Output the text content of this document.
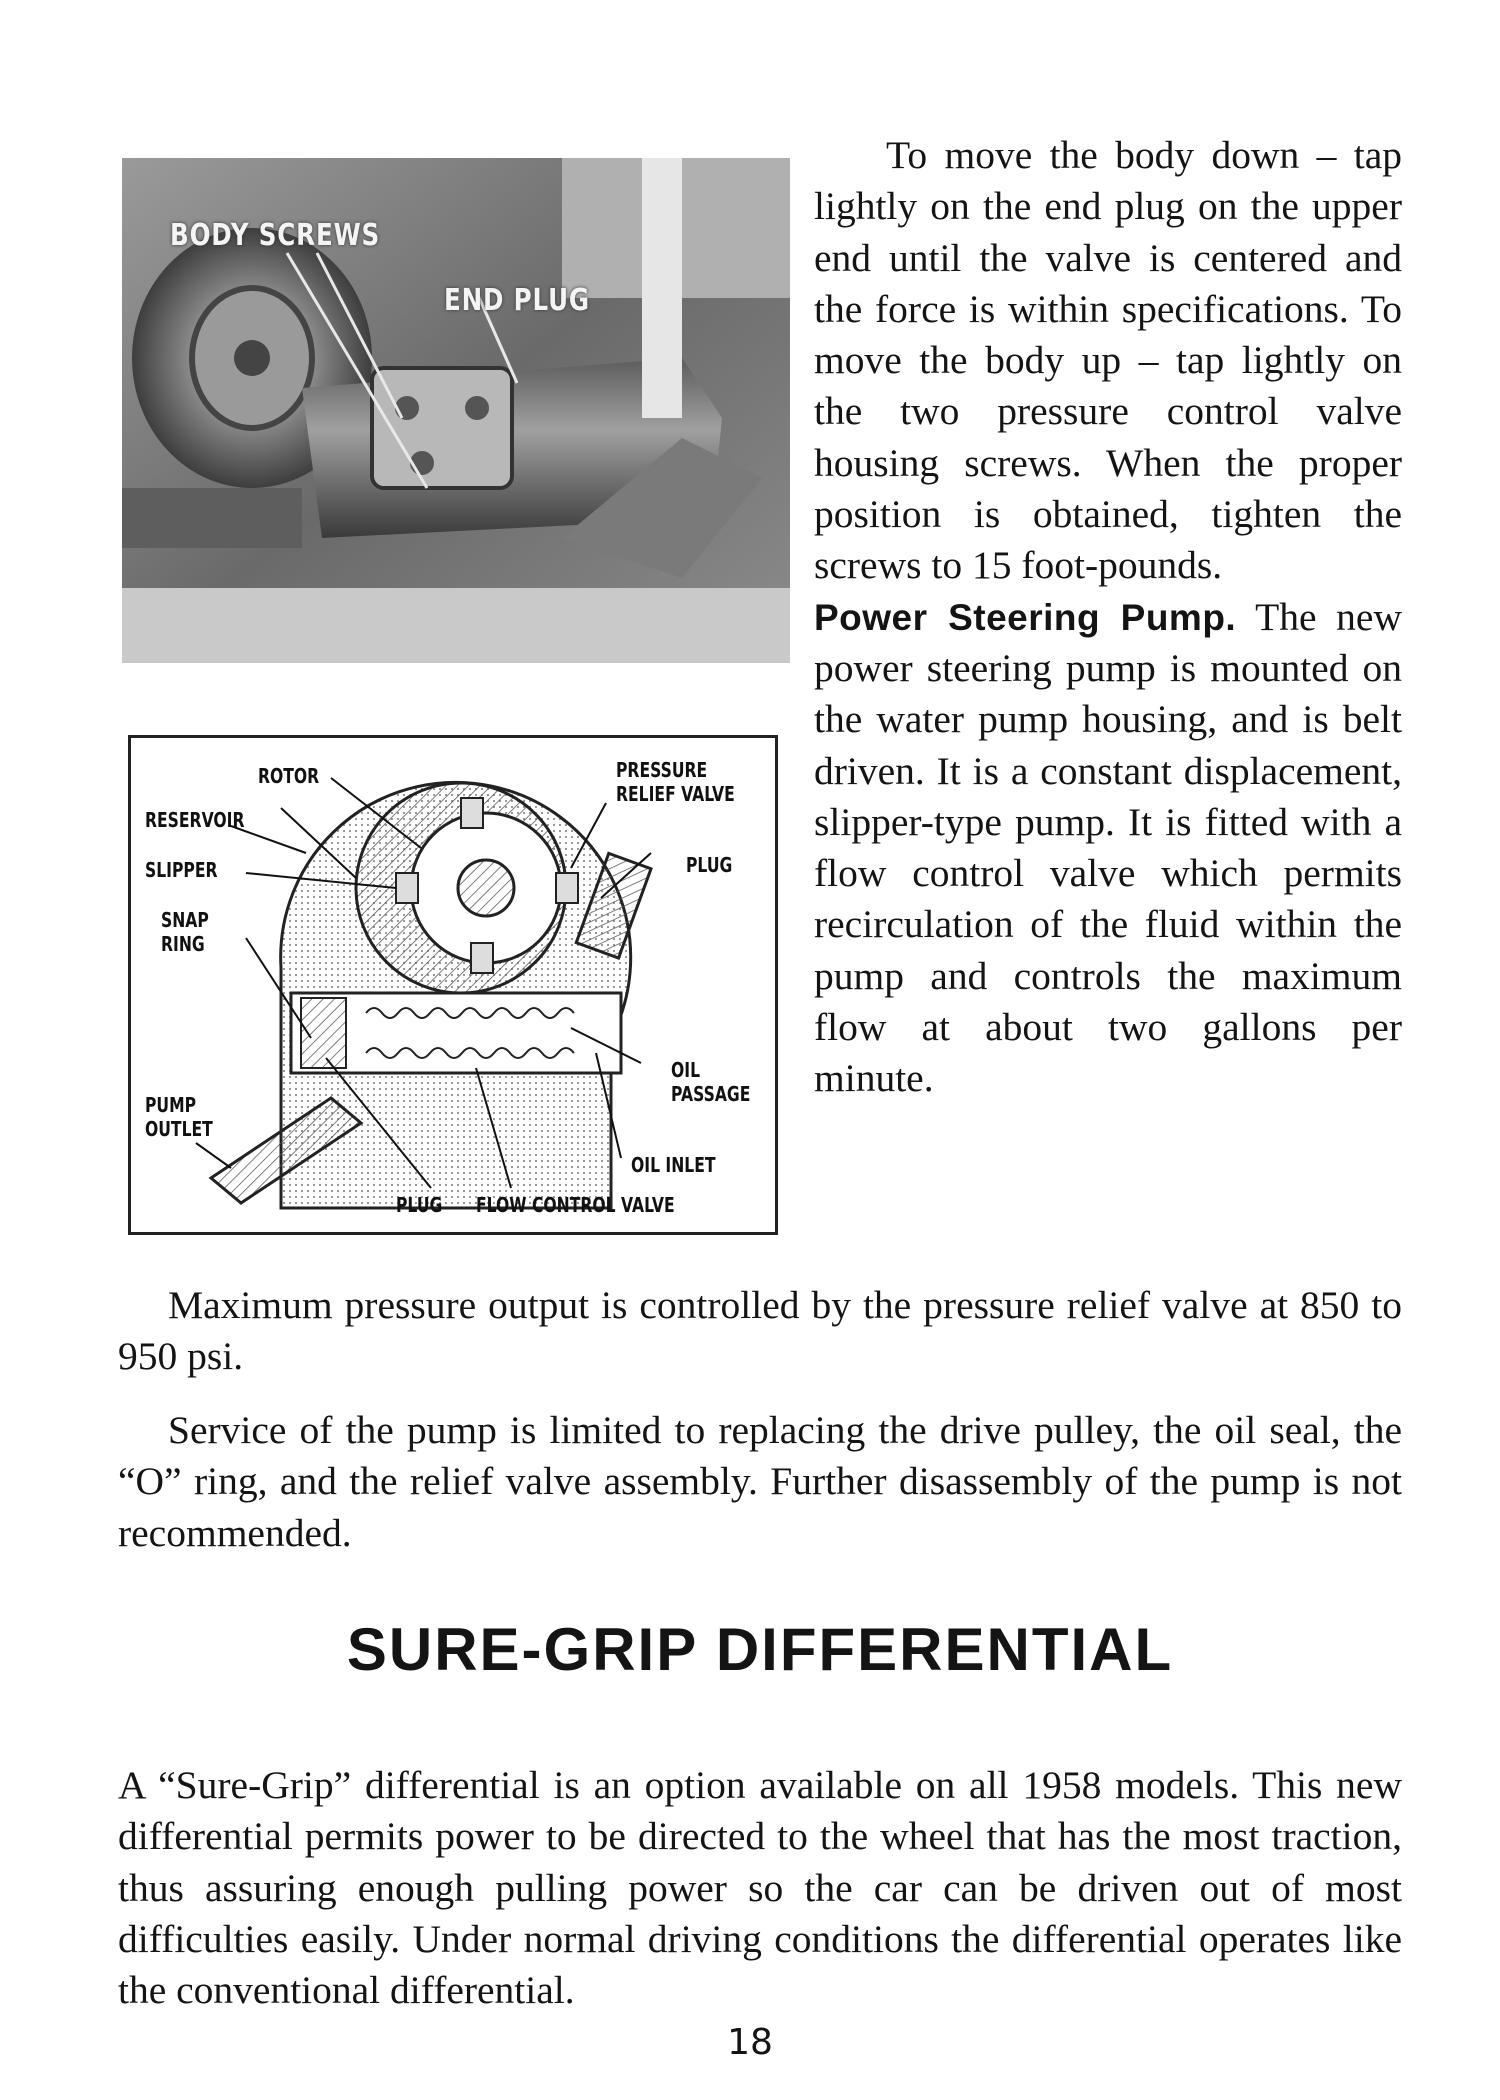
BODY SCREWS
END PLUG
ROTOR
RESERVOIR
SLIPPER
SNAP
RING
PUMP
OUTLET
PRESSURE
RELIEF VALVE
PLUG
OIL
PASSAGE
OIL INLET
PLUG FLOW CONTROL VALVE

To move the body down – tap lightly on the end plug on the upper end until the valve is centered and the force is within specifications. To move the body up – tap lightly on the two pressure control valve housing screws. When the proper position is obtained, tighten the screws to 15 foot-pounds.

Power Steering Pump. The new power steering pump is mounted on the water pump housing, and is belt driven. It is a constant displacement, slipper-type pump. It is fitted with a flow control valve which permits recirculation of the fluid within the pump and controls the maximum flow at about two gallons per minute.

Maximum pressure output is controlled by the pressure relief valve at 850 to 950 psi.

Service of the pump is limited to replacing the drive pulley, the oil seal, the “O” ring, and the relief valve assembly. Further disassembly of the pump is not recommended.

SURE-GRIP DIFFERENTIAL

A “Sure-Grip” differential is an option available on all 1958 models. This new differential permits power to be directed to the wheel that has the most traction, thus assuring enough pulling power so the car can be driven out of most difficulties easily. Under normal driving conditions the differential operates like the conventional differential.

18
